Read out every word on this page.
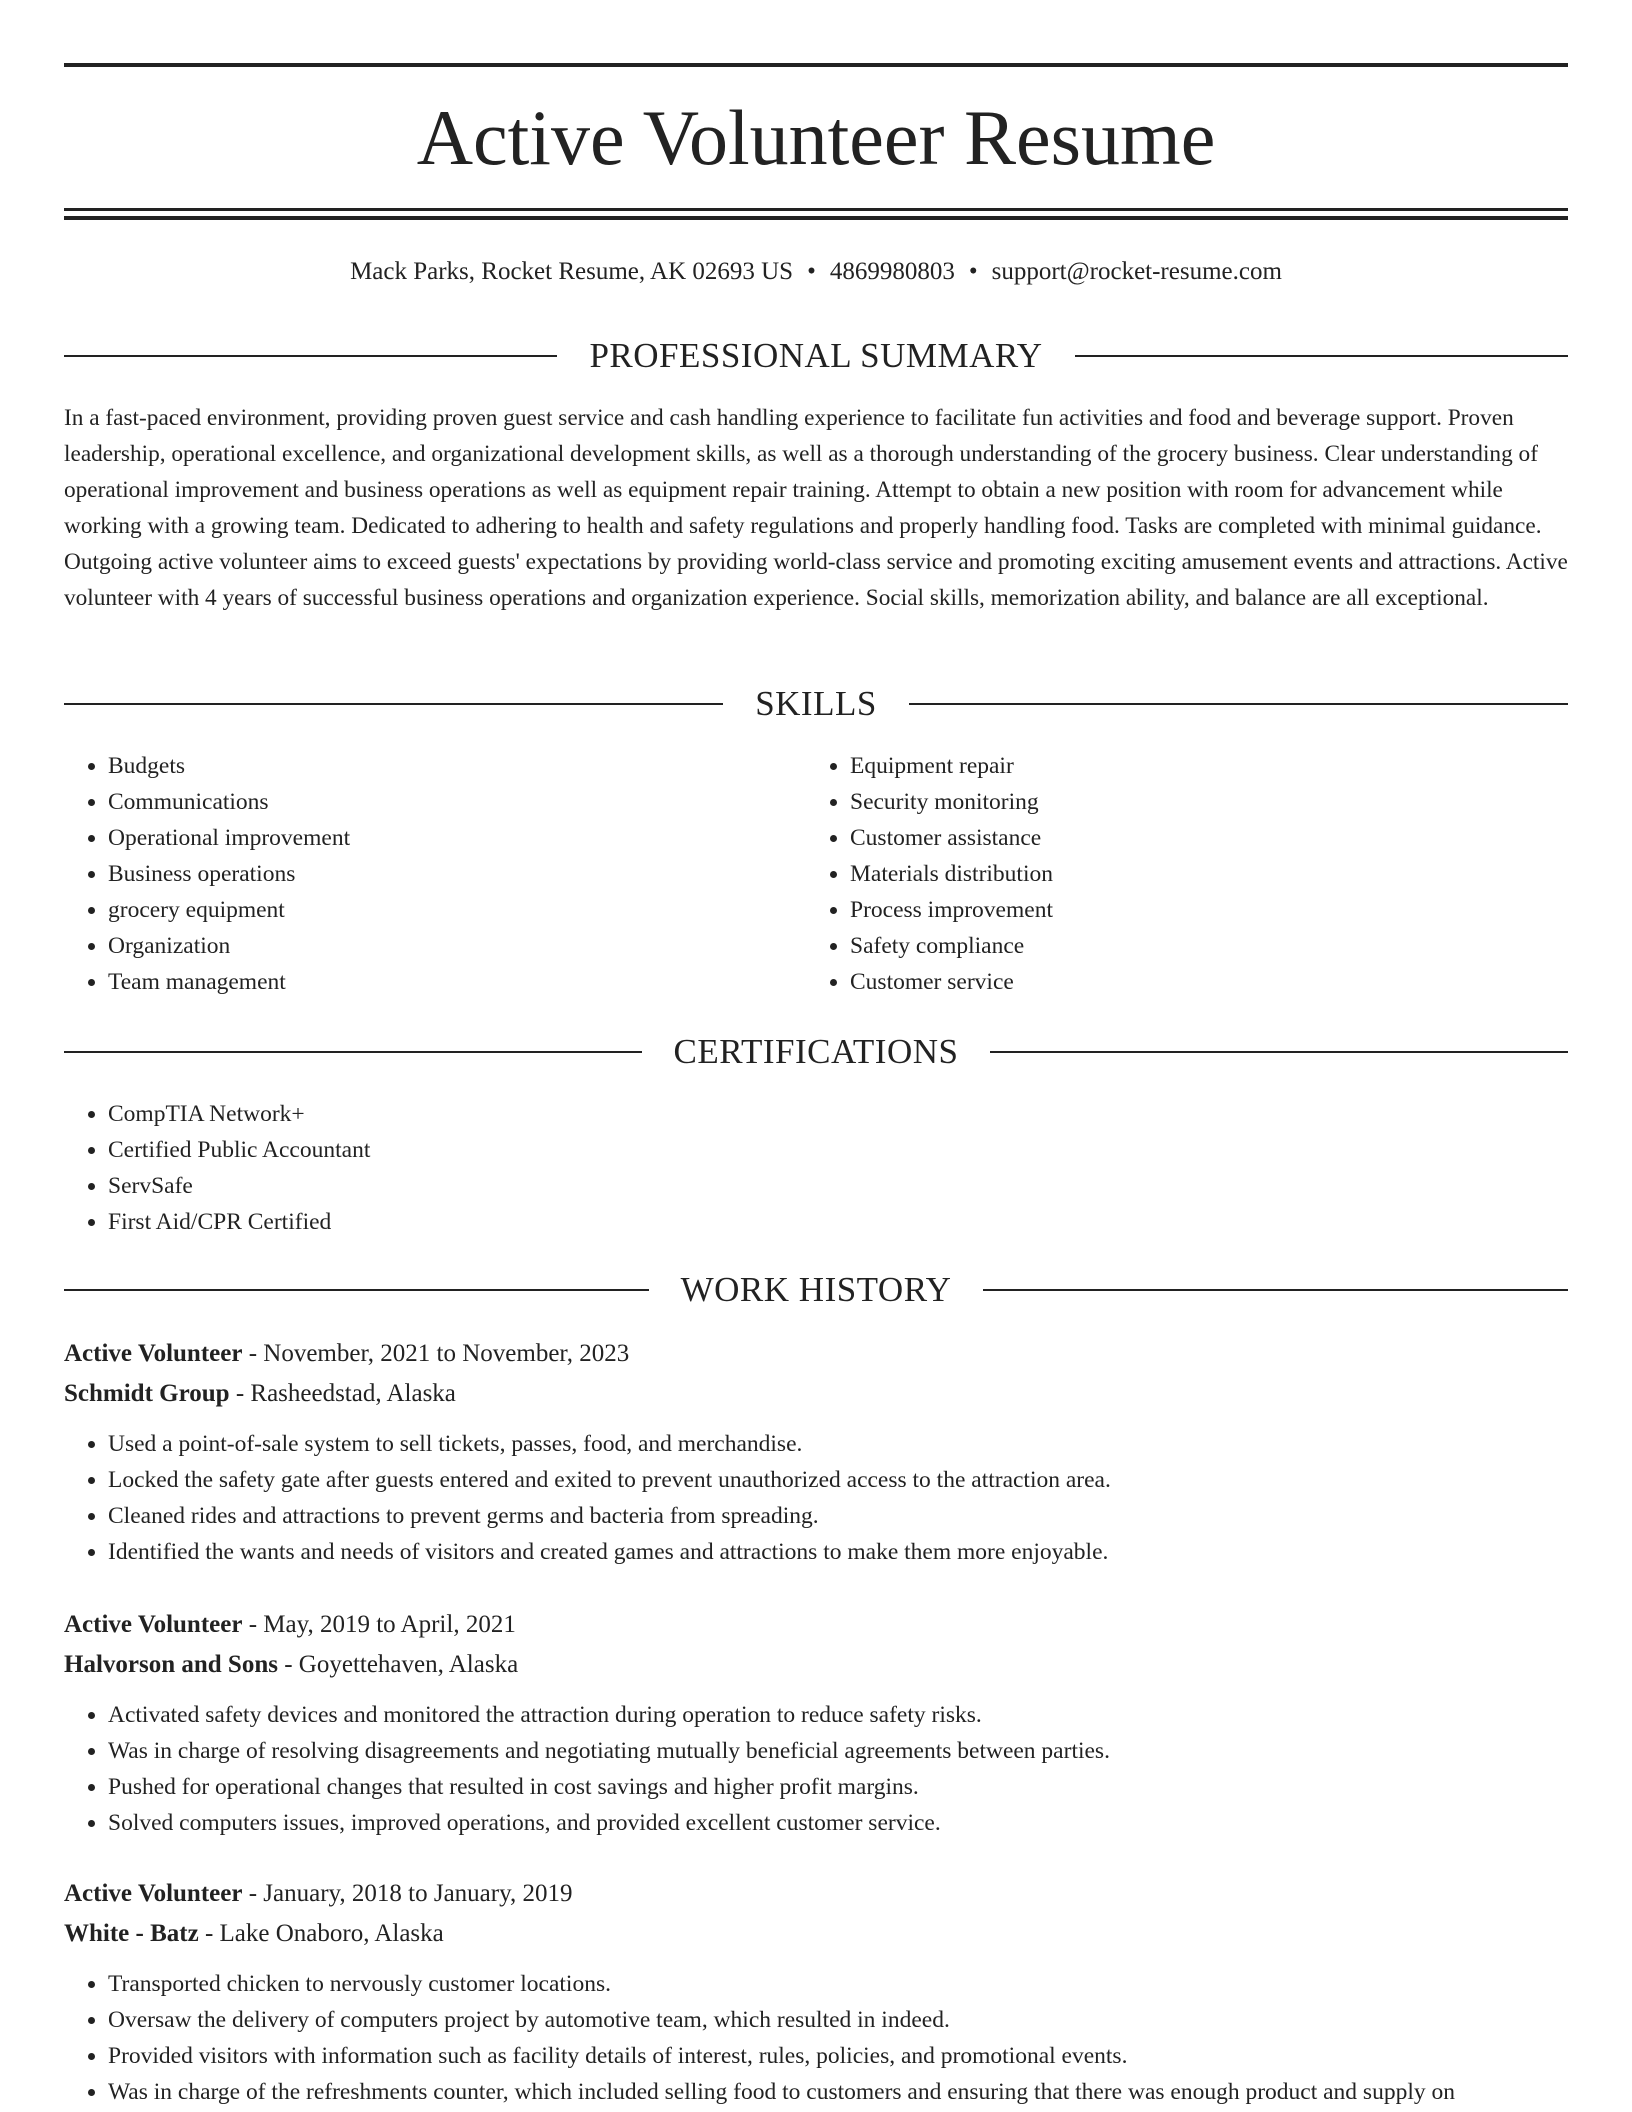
Active Volunteer Resume
Mack Parks, Rocket Resume, AK 02693 US • 4869980803 • support@rocket-resume.com
PROFESSIONAL SUMMARY

In a fast-paced environment, providing proven guest service and cash handling experience to facilitate fun activities and food and beverage support. Proven leadership, operational excellence, and organizational development skills, as well as a thorough understanding of the grocery business. Clear understanding of operational improvement and business operations as well as equipment repair training. Attempt to obtain a new position with room for advancement while working with a growing team. Dedicated to adhering to health and safety regulations and properly handling food. Tasks are completed with minimal guidance. Outgoing active volunteer aims to exceed guests' expectations by providing world-class service and promoting exciting amusement events and attractions. Active volunteer with 4 years of successful business operations and organization experience. Social skills, memorization ability, and balance are all exceptional.

SKILLS
• Budgets
• Communications
• Operational improvement
• Business operations
• grocery equipment
• Organization
• Team management
• Equipment repair
• Security monitoring
• Customer assistance
• Materials distribution
• Process improvement
• Safety compliance
• Customer service
CERTIFICATIONS
• CompTIA Network+
• Certified Public Accountant
• ServSafe
• First Aid/CPR Certified
WORK HISTORY
Active Volunteer - November, 2021 to November, 2023
Schmidt Group - Rasheedstad, Alaska
• Used a point-of-sale system to sell tickets, passes, food, and merchandise.
• Locked the safety gate after guests entered and exited to prevent unauthorized access to the attraction area.
• Cleaned rides and attractions to prevent germs and bacteria from spreading.
• Identified the wants and needs of visitors and created games and attractions to make them more enjoyable.
Active Volunteer - May, 2019 to April, 2021
Halvorson and Sons - Goyettehaven, Alaska
• Activated safety devices and monitored the attraction during operation to reduce safety risks.
• Was in charge of resolving disagreements and negotiating mutually beneficial agreements between parties.
• Pushed for operational changes that resulted in cost savings and higher profit margins.
• Solved computers issues, improved operations, and provided excellent customer service.
Active Volunteer - January, 2018 to January, 2019
White - Batz - Lake Onaboro, Alaska
• Transported chicken to nervously customer locations.
• Oversaw the delivery of computers project by automotive team, which resulted in indeed.
• Provided visitors with information such as facility details of interest, rules, policies, and promotional events.
• Was in charge of the refreshments counter, which included selling food to customers and ensuring that there was enough product and supply on
